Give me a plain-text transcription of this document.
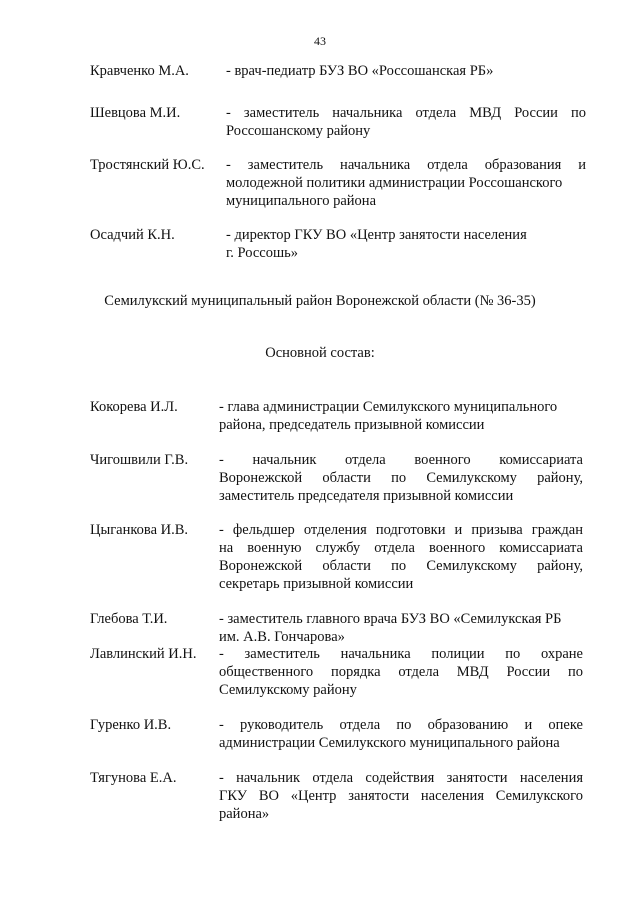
43
Кравченко М.А.	- врач-педиатр БУЗ ВО «Россошанская РБ»
Шевцова М.И.	- заместитель начальника отдела МВД России по
Россошанскому району
Тростянский Ю.С. - заместитель начальника отдела образования и
молодежной политики администрации Россошанского
муниципального района
Осадчий К.Н.	- директор ГКУ ВО «Центр занятости населения
г. Россошь»
Семилукский муниципальный район Воронежской области (№ 36-35)
Основной состав:
Кокорева И.Л.	- глава администрации Семилукского муниципального
района, председатель призывной комиссии
Чигошвили Г.В. - начальник отдела военного комиссариата
Воронежской области по Семилукскому району,
заместитель председателя призывной комиссии
Цыганкова И.В. - фельдшер отделения подготовки и призыва граждан
на военную службу отдела военного комиссариата
Воронежской области по Семилукскому району,
секретарь призывной комиссии
Глебова Т.И.	- заместитель главного врача БУЗ ВО «Семилукская РБ
им. А.В. Гончарова»
Лавлинский И.Н. - заместитель начальника полиции по охране
общественного порядка отдела МВД России по
Семилукскому району
Гуренко И.В.	- руководитель отдела по образованию и опеке
администрации Семилукского муниципального района
Тягунова Е.А.	- начальник отдела содействия занятости населения
ГКУ ВО «Центр занятости населения Семилукского
района»
